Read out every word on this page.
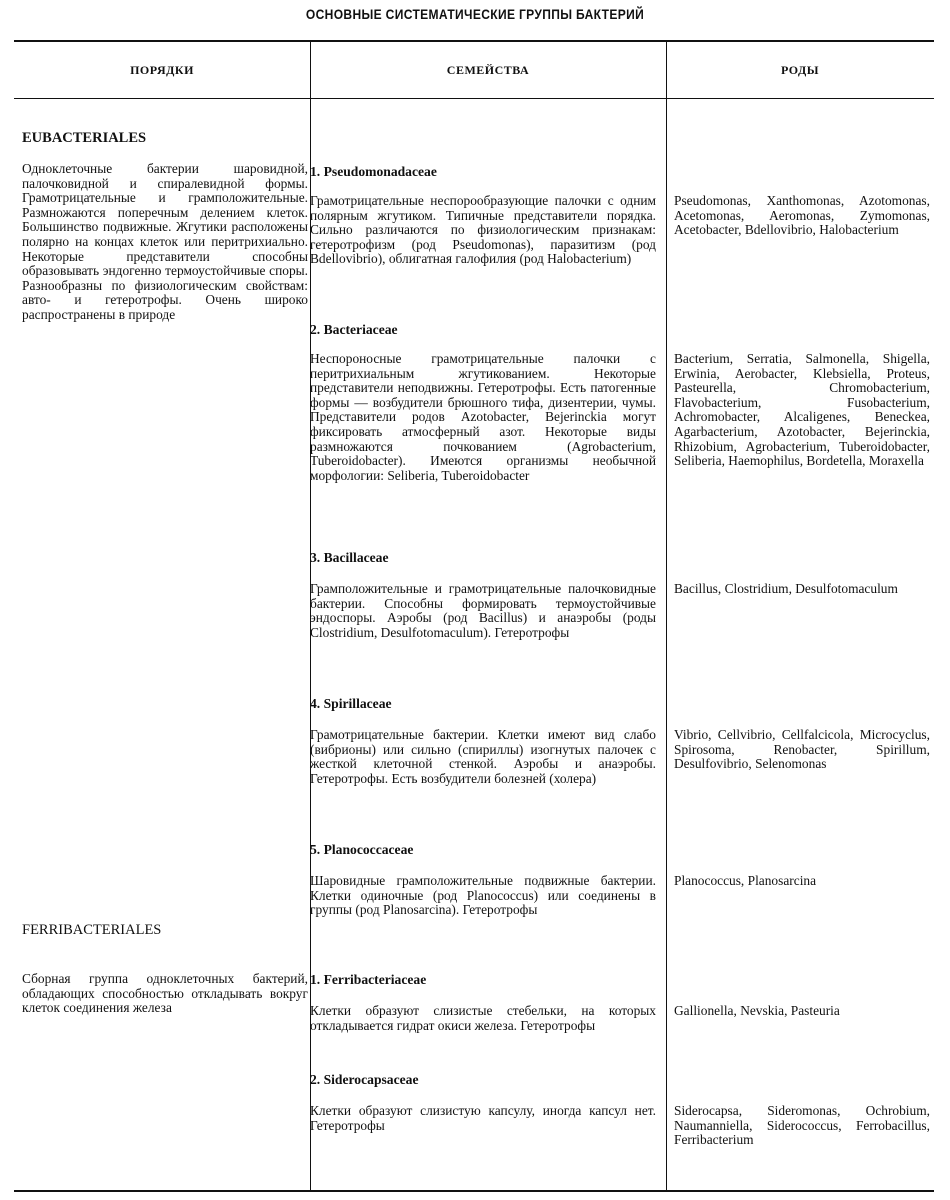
ОСНОВНЫЕ СИСТЕМАТИЧЕСКИЕ ГРУППЫ БАКТЕРИЙ
ПОРЯДКИ	СЕМЕЙСТВА	РОДЫ
EUBACTERIALES
Одноклеточные бактерии шаровидной, палочковидной и спиралевидной формы. Грамотрицательные и грамположительные. Размножаются поперечным делением клеток. Большинство подвижные. Жгутики расположены полярно на концах клеток или перитрихиально. Некоторые представители способны образовывать эндогенно термоустойчивые споры. Разнообразны по физиологическим свойствам: авто- и гетеротрофы. Очень широко распространены в природе
FERRIBACTERIALES
Сборная группа одноклеточных бактерий, обладающих способностью откладывать вокруг клеток соединения железа
1. Pseudomonadaceae
Грамотрицательные неспорообразующие палочки с одним полярным жгутиком. Типичные представители порядка. Сильно различаются по физиологическим признакам: гетеротрофизм (род Pseudomonas), паразитизм (род Bdellovibrio), облигатная галофилия (род Halobacterium)
Pseudomonas, Xanthomonas, Azotomonas, Acetomonas, Aeromonas, Zymomonas, Acetobacter, Bdellovibrio, Halobacterium
2. Bacteriaceae
Неспороносные грамотрицательные палочки с перитрихиальным жгутикованием. Некоторые представители неподвижны. Гетеротрофы. Есть патогенные формы — возбудители брюшного тифа, дизентерии, чумы. Представители родов Azotobacter, Bejerinckia могут фиксировать атмосферный азот. Некоторые виды размножаются почкованием (Agrobacterium, Tuberoidobacter). Имеются организмы необычной морфологии: Seliberia, Tuberoidobacter
Bacterium, Serratia, Salmonella, Shigella, Erwinia, Aerobacter, Klebsiella, Proteus, Pasteurella, Chromobacterium, Flavobacterium, Fusobacterium, Achromobacter, Alcaligenes, Beneckea, Agarbacterium, Azotobacter, Bejerinckia, Rhizobium, Agrobacterium, Tuberoidobacter, Seliberia, Haemophilus, Bordetella, Moraxella
3. Bacillaceae
Грамположительные и грамотрицательные палочковидные бактерии. Способны формировать термоустойчивые эндоспоры. Аэробы (род Bacillus) и анаэробы (роды Clostridium, Desulfotomaculum). Гетеротрофы
Bacillus, Clostridium, Desulfotomaculum
4. Spirillaceae
Грамотрицательные бактерии. Клетки имеют вид слабо (вибрионы) или сильно (спириллы) изогнутых палочек с жесткой клеточной стенкой. Аэробы и анаэробы. Гетеротрофы. Есть возбудители болезней (холера)
Vibrio, Cellvibrio, Cellfalcicola, Microcyclus, Spirosoma, Renobacter, Spirillum, Desulfovibrio, Selenomonas
5. Planococcaceae
Шаровидные грамположительные подвижные бактерии. Клетки одиночные (род Planococcus) или соединены в группы (род Planosarcina). Гетеротрофы
Planococcus, Planosarcina
1. Ferribacteriaceae
Клетки образуют слизистые стебельки, на которых откладывается гидрат окиси железа. Гетеротрофы
Gallionella, Nevskia, Pasteuria
2. Siderocapsaceae
Клетки образуют слизистую капсулу, иногда капсул нет. Гетеротрофы
Siderocapsa, Sideromonas, Ochrobium, Naumanniella, Siderococcus, Ferrobacillus, Ferribacterium
